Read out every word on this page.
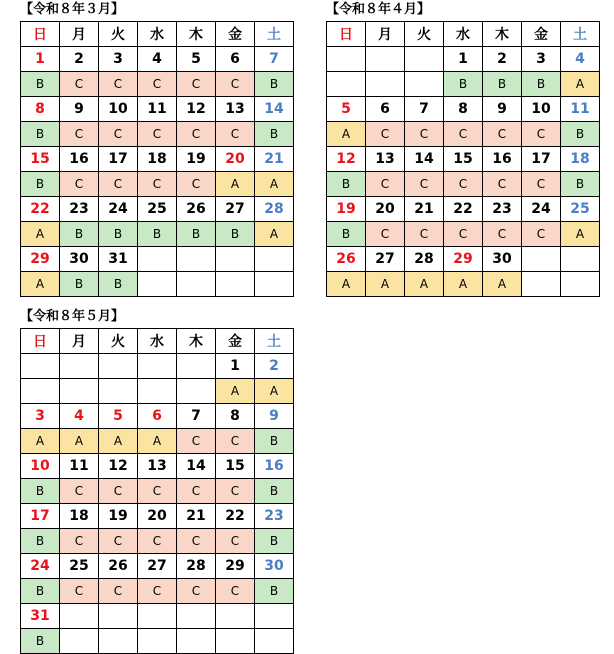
【令和８年３月】
日	月	火	水	木	金	土
1	2	3	4	5	6	7
B	C	C	C	C	C	B
8	9	10	11	12	13	14
B	C	C	C	C	C	B
15	16	17	18	19	20	21
B	C	C	C	C	A	A
22	23	24	25	26	27	28
A	B	B	B	B	B	A
29	30	31				
A	B	B				
【令和８年４月】
日	月	火	水	木	金	土
			1	2	3	4
			B	B	B	A
5	6	7	8	9	10	11
A	C	C	C	C	C	B
12	13	14	15	16	17	18
B	C	C	C	C	C	B
19	20	21	22	23	24	25
B	C	C	C	C	C	A
26	27	28	29	30		
A	A	A	A	A		
【令和８年５月】
日	月	火	水	木	金	土
					1	2
					A	A
3	4	5	6	7	8	9
A	A	A	A	C	C	B
10	11	12	13	14	15	16
B	C	C	C	C	C	B
17	18	19	20	21	22	23
B	C	C	C	C	C	B
24	25	26	27	28	29	30
B	C	C	C	C	C	B
31						
B						
